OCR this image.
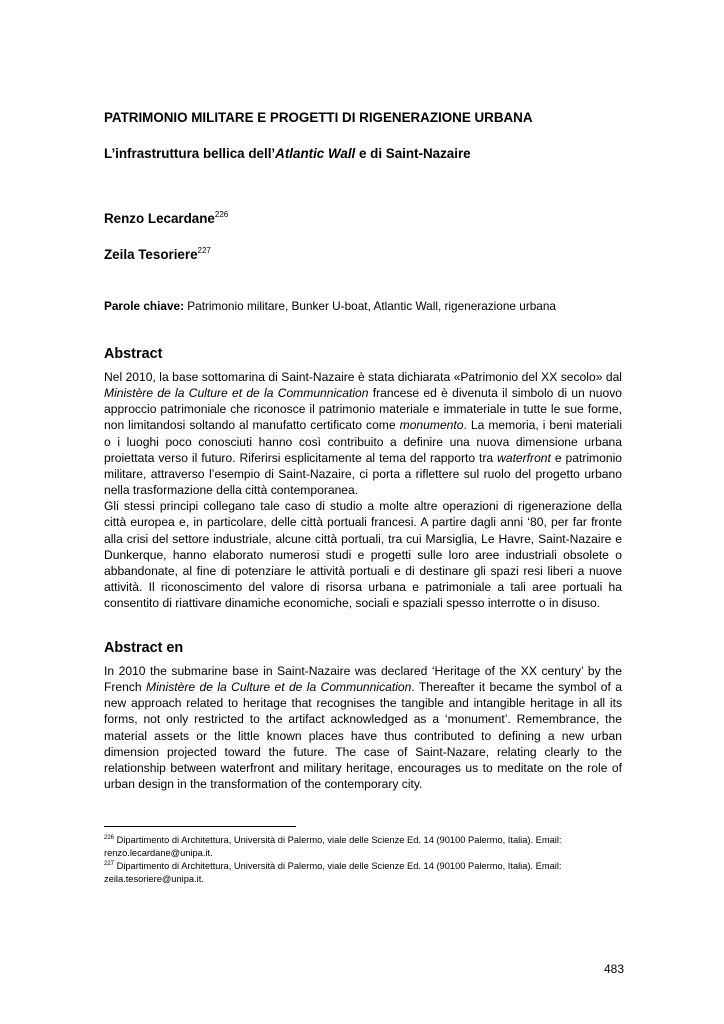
PATRIMONIO MILITARE E PROGETTI DI RIGENERAZIONE URBANA
L’infrastruttura bellica dell’Atlantic Wall e di Saint-Nazaire
Renzo Lecardane$^{226}$
Zeila Tesoriere$^{227}$
Parole chiave: Patrimonio militare, Bunker U-boat, Atlantic Wall, rigenerazione urbana
Abstract
Nel 2010, la base sottomarina di Saint-Nazaire è stata dichiarata «Patrimonio del XX secolo» dal Ministère de la Culture et de la Communnication francese ed è divenuta il simbolo di un nuovo approccio patrimoniale che riconosce il patrimonio materiale e immateriale in tutte le sue forme, non limitandosi soltando al manufatto certificato come monumento. La memoria, i beni materiali o i luoghi poco conosciuti hanno così contribuito a definire una nuova dimensione urbana proiettata verso il futuro. Riferirsi esplicitamente al tema del rapporto tra waterfront e patrimonio militare, attraverso l’esempio di Saint-Nazaire, ci porta a riflettere sul ruolo del progetto urbano nella trasformazione della città contemporanea.
Gli stessi principi collegano tale caso di studio a molte altre operazioni di rigenerazione della città europea e, in particolare, delle città portuali francesi. A partire dagli anni ‘80, per far fronte alla crisi del settore industriale, alcune città portuali, tra cui Marsiglia, Le Havre, Saint-Nazaire e Dunkerque, hanno elaborato numerosi studi e progetti sulle loro aree industriali obsolete o abbandonate, al fine di potenziare le attività portuali e di destinare gli spazi resi liberi a nuove attività. Il riconoscimento del valore di risorsa urbana e patrimoniale a tali aree portuali ha consentito di riattivare dinamiche economiche, sociali e spaziali spesso interrotte o in disuso.
Abstract en
In 2010 the submarine base in Saint-Nazaire was declared ‘Heritage of the XX century’ by the French Ministère de la Culture et de la Communnication. Thereafter it became the symbol of a new approach related to heritage that recognises the tangible and intangible heritage in all its forms, not only restricted to the artifact acknowledged as a ‘monument’. Remembrance, the material assets or the little known places have thus contributed to defining a new urban dimension projected toward the future. The case of Saint-Nazare, relating clearly to the relationship between waterfront and military heritage, encourages us to meditate on the role of urban design in the transformation of the contemporary city.
$^{226}$ Dipartimento di Architettura, Università di Palermo, viale delle Scienze Ed. 14 (90100 Palermo, Italia). Email: renzo.lecardane@unipa.it.
$^{227}$ Dipartimento di Architettura, Università di Palermo, viale delle Scienze Ed. 14 (90100 Palermo, Italia). Email: zeila.tesoriere@unipa.it.
483
